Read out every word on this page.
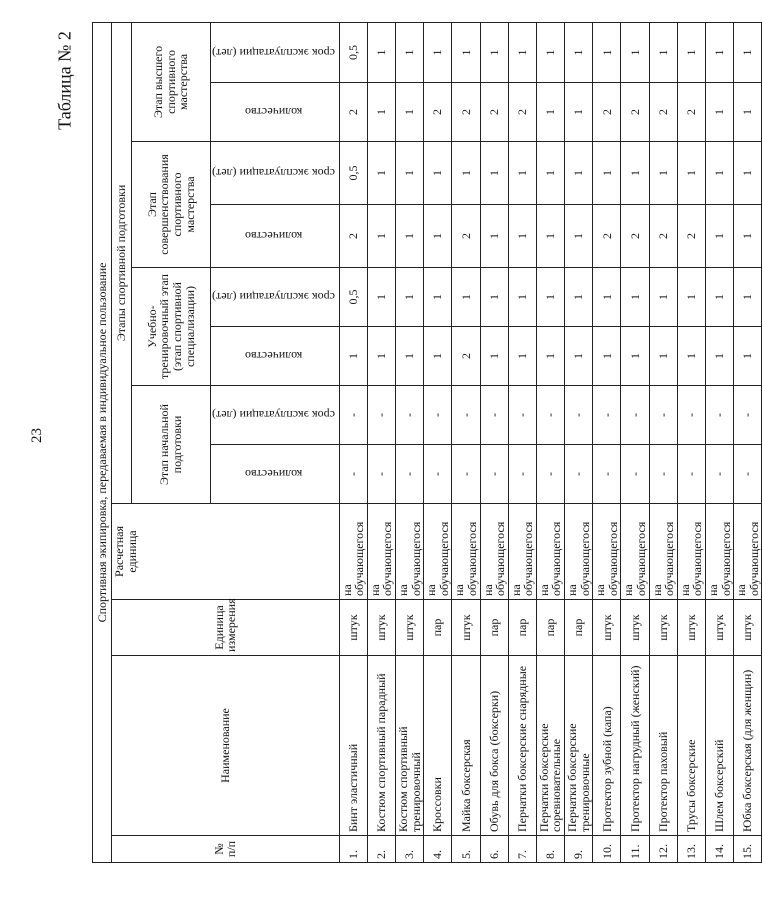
23
Таблица № 2
Спортивная экипировка, передаваемая в индивидуальное пользование											
№ п/п	Наименование	Единица измерения	Расчетная единица	Этапы спортивной подготовки							
				Этап начальной подготовки		Учебно-тренировочный этап (этап спортивной специализации)		Этап совершенствования спортивного мастерства		Этап высшего спортивного мастерства	
				количество	срок эксплуатации (лет)	количество	срок эксплуатации (лет)	количество	срок эксплуатации (лет)	количество	срок эксплуатации (лет)
1.	Бинт эластичный	штук	на обучающегося	-	-	1	0,5	2	0,5	2	0,5
2.	Костюм спортивный парадный	штук	на обучающегося	-	-	1	1	1	1	1	1
3.	Костюм спортивный тренировочный	штук	на обучающегося	-	-	1	1	1	1	1	1
4.	Кроссовки	пар	на обучающегося	-	-	1	1	1	1	2	1
5.	Майка боксерская	штук	на обучающегося	-	-	2	1	2	1	2	1
6.	Обувь для бокса (боксерки)	пар	на обучающегося	-	-	1	1	1	1	2	1
7.	Перчатки боксерские снарядные	пар	на обучающегося	-	-	1	1	1	1	2	1
8.	Перчатки боксерские соревновательные	пар	на обучающегося	-	-	1	1	1	1	1	1
9.	Перчатки боксерские тренировочные	пар	на обучающегося	-	-	1	1	1	1	1	1
10.	Протектор зубной (капа)	штук	на обучающегося	-	-	1	1	2	1	2	1
11.	Протектор нагрудный (женский)	штук	на обучающегося	-	-	1	1	2	1	2	1
12.	Протектор паховый	штук	на обучающегося	-	-	1	1	2	1	2	1
13.	Трусы боксерские	штук	на обучающегося	-	-	1	1	2	1	2	1
14.	Шлем боксерский	штук	на обучающегося	-	-	1	1	1	1	1	1
15.	Юбка боксерская (для женщин)	штук	на обучающегося	-	-	1	1	1	1	1	1
